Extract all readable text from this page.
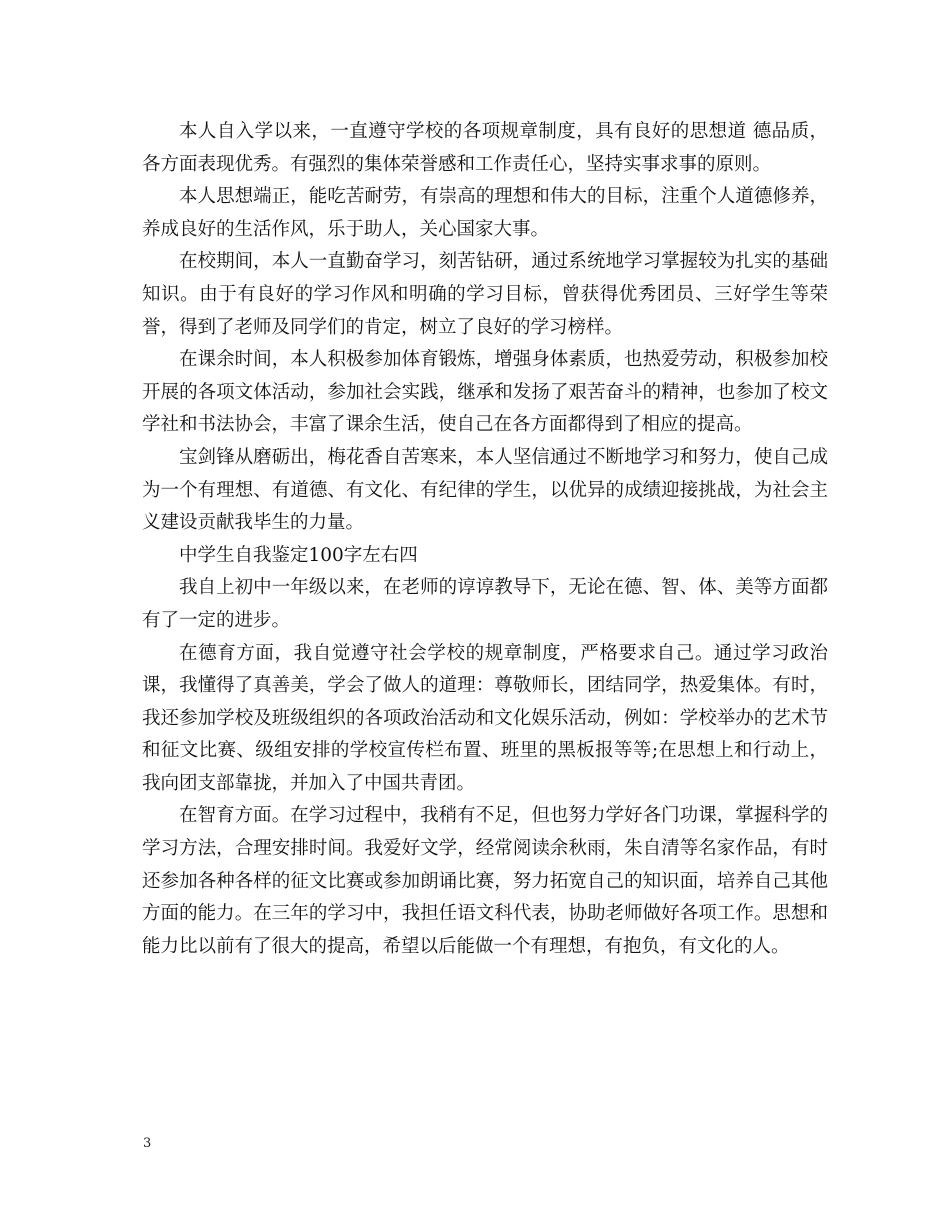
本人自入学以来，一直遵守学校的各项规章制度，具有良好的思想道 德品质，各方面表现优秀。有强烈的集体荣誉感和工作责任心，坚持实事求事的原则。

本人思想端正，能吃苦耐劳，有崇高的理想和伟大的目标，注重个人道德修养，养成良好的生活作风，乐于助人，关心国家大事。

在校期间，本人一直勤奋学习，刻苦钻研，通过系统地学习掌握较为扎实的基础知识。由于有良好的学习作风和明确的学习目标，曾获得优秀团员、三好学生等荣誉，得到了老师及同学们的肯定，树立了良好的学习榜样。

在课余时间，本人积极参加体育锻炼，增强身体素质，也热爱劳动，积极参加校开展的各项文体活动，参加社会实践，继承和发扬了艰苦奋斗的精神，也参加了校文学社和书法协会，丰富了课余生活，使自己在各方面都得到了相应的提高。

宝剑锋从磨砺出，梅花香自苦寒来，本人坚信通过不断地学习和努力，使自己成为一个有理想、有道德、有文化、有纪律的学生，以优异的成绩迎接挑战，为社会主义建设贡献我毕生的力量。

中学生自我鉴定100字左右四

我自上初中一年级以来，在老师的谆谆教导下，无论在德、智、体、美等方面都有了一定的进步。

在德育方面，我自觉遵守社会学校的规章制度，严格要求自己。通过学习政治课，我懂得了真善美，学会了做人的道理：尊敬师长，团结同学，热爱集体。有时，我还参加学校及班级组织的各项政治活动和文化娱乐活动，例如：学校举办的艺术节和征文比赛、级组安排的学校宣传栏布置、班里的黑板报等等;在思想上和行动上，我向团支部靠拢，并加入了中国共青团。

在智育方面。在学习过程中，我稍有不足，但也努力学好各门功课，掌握科学的学习方法，合理安排时间。我爱好文学，经常阅读余秋雨，朱自清等名家作品，有时还参加各种各样的征文比赛或参加朗诵比赛，努力拓宽自己的知识面，培养自己其他方面的能力。在三年的学习中，我担任语文科代表，协助老师做好各项工作。思想和能力比以前有了很大的提高，希望以后能做一个有理想，有抱负，有文化的人。

3
